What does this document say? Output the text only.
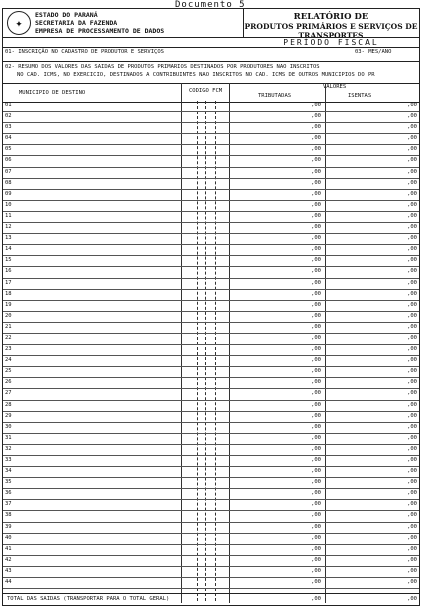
Documento 5
✦
ESTADO DO PARANÁ
SECRETARIA DA FAZENDA
EMPRESA DE PROCESSAMENTO DE DADOS
RELATÓRIO DE
PRODUTOS PRIMÁRIOS E SERVIÇOS DE TRANSPORTES
PERÍODO FISCAL
01- INSCRIÇÃO NO CADASTRO DE PRODUTOR E SERVIÇOS	03- MES/ANO
02- RESUMO DOS VALORES DAS SAIDAS DE PRODUTOS PRIMARIOS DESTINADOS POR PRODUTORES NAO INSCRITOS
NO CAD. ICMS, NO EXERCICIO, DESTINADOS A CONTRIBUINTES NAO INSCRITOS NO CAD. ICMS DE OUTROS MUNICIPIOS DO PR
MUNICIPIO DE DESTINO	CODIGO FCM
VALORES
TRIBUTADAS	ISENTAS
01	,00	,00
02	,00	,00
03	,00	,00
04	,00	,00
05	,00	,00
06	,00	,00
07	,00	,00
08	,00	,00
09	,00	,00
10	,00	,00
11	,00	,00
12	,00	,00
13	,00	,00
14	,00	,00
15	,00	,00
16	,00	,00
17	,00	,00
18	,00	,00
19	,00	,00
20	,00	,00
21	,00	,00
22	,00	,00
23	,00	,00
24	,00	,00
25	,00	,00
26	,00	,00
27	,00	,00
28	,00	,00
29	,00	,00
30	,00	,00
31	,00	,00
32	,00	,00
33	,00	,00
34	,00	,00
35	,00	,00
36	,00	,00
37	,00	,00
38	,00	,00
39	,00	,00
40	,00	,00
41	,00	,00
42	,00	,00
43	,00	,00
44	,00	,00
TOTAL DAS SAIDAS (TRANSPORTAR PARA O TOTAL GERAL)	,00	,00
